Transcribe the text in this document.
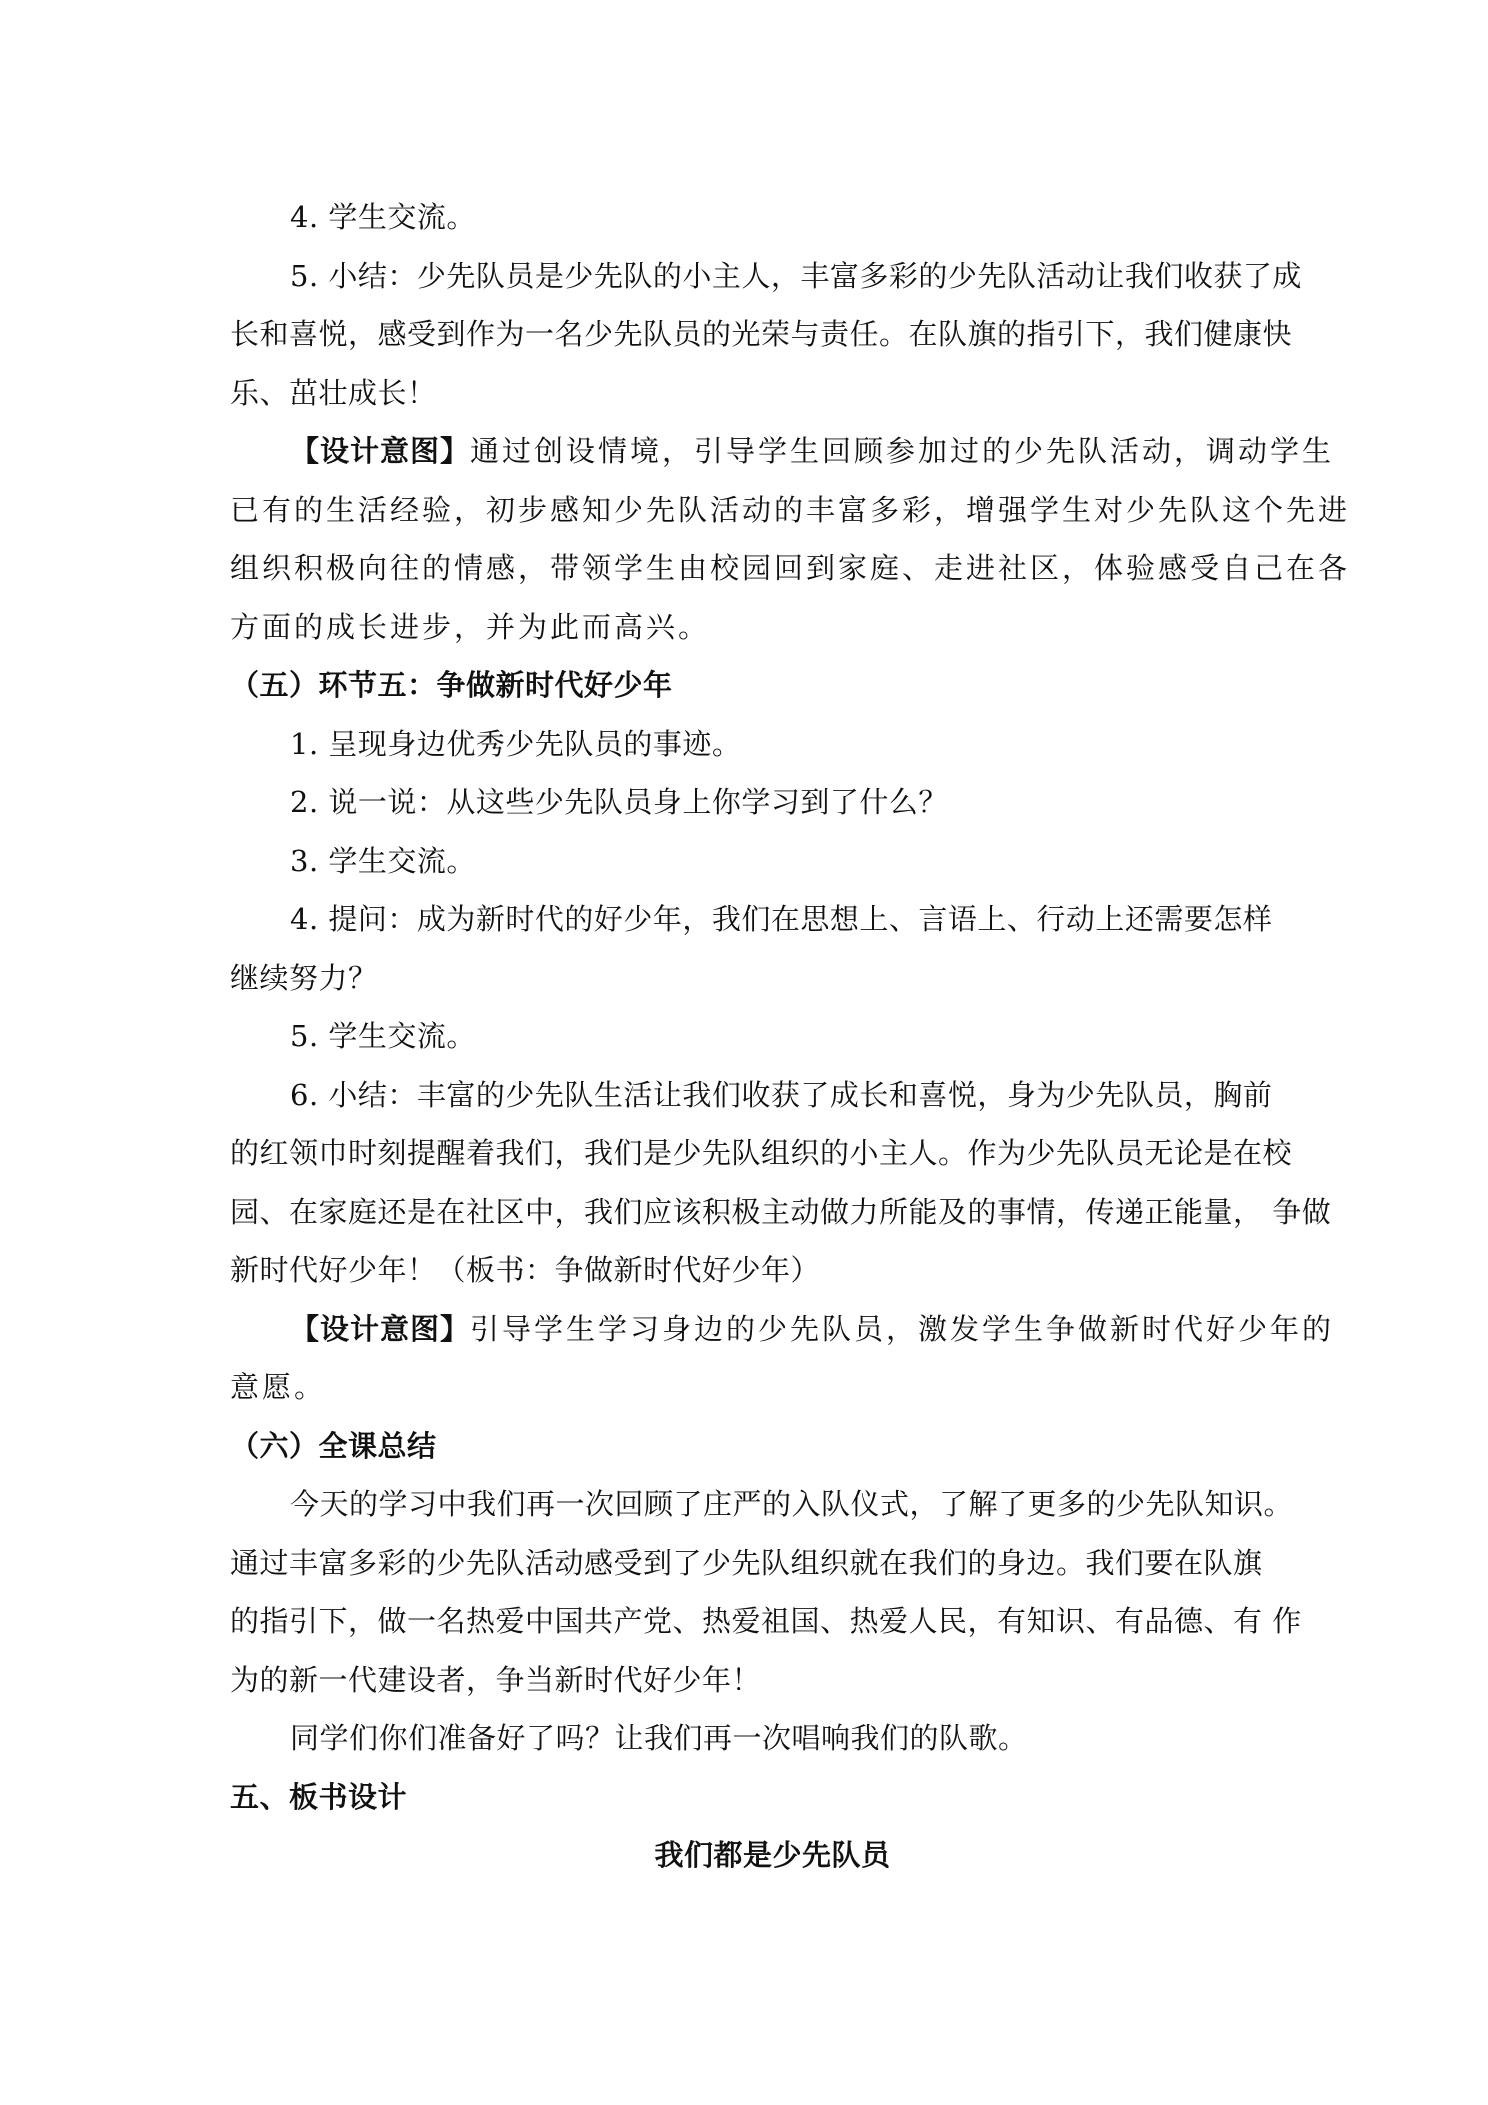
4. 学生交流。
5. 小结：少先队员是少先队的小主人，丰富多彩的少先队活动让我们收获了成
长和喜悦，感受到作为一名少先队员的光荣与责任。在队旗的指引下，我们健康快
乐、茁壮成长！
【设计意图】通过创设情境，引导学生回顾参加过的少先队活动，调动学生
已有的生活经验，初步感知少先队活动的丰富多彩，增强学生对少先队这个先进
组织积极向往的情感，带领学生由校园回到家庭、走进社区，体验感受自己在各
方面的成长进步，并为此而高兴。
（五）环节五：争做新时代好少年
1. 呈现身边优秀少先队员的事迹。
2. 说一说：从这些少先队员身上你学习到了什么？
3. 学生交流。
4. 提问：成为新时代的好少年，我们在思想上、言语上、行动上还需要怎样
继续努力？
5. 学生交流。
6. 小结：丰富的少先队生活让我们收获了成长和喜悦，身为少先队员，胸前
的红领巾时刻提醒着我们，我们是少先队组织的小主人。作为少先队员无论是在校
园、在家庭还是在社区中，我们应该积极主动做力所能及的事情，传递正能量， 争做
新时代好少年！（板书：争做新时代好少年）
【设计意图】引导学生学习身边的少先队员，激发学生争做新时代好少年的
意愿。
（六）全课总结
今天的学习中我们再一次回顾了庄严的入队仪式，了解了更多的少先队知识。
通过丰富多彩的少先队活动感受到了少先队组织就在我们的身边。我们要在队旗
的指引下，做一名热爱中国共产党、热爱祖国、热爱人民，有知识、有品德、有 作
为的新一代建设者，争当新时代好少年！
同学们你们准备好了吗？让我们再一次唱响我们的队歌。
五、板书设计
我们都是少先队员
